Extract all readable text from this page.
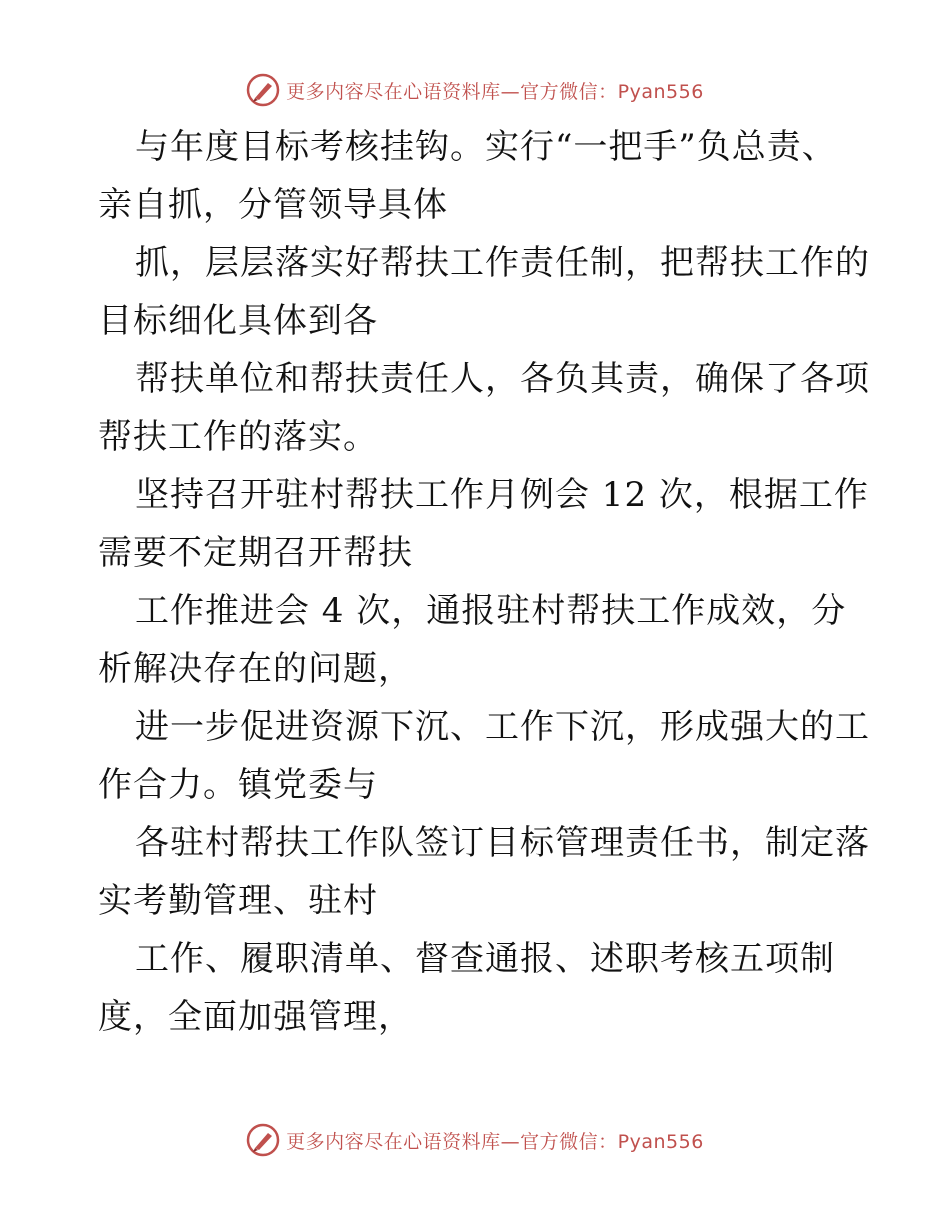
更多内容尽在心语资料库—官方微信：Pyan556
与年度目标考核挂钩。实行“一把手”负总责、
亲自抓，分管领导具体
抓，层层落实好帮扶工作责任制，把帮扶工作的
目标细化具体到各
帮扶单位和帮扶责任人，各负其责，确保了各项
帮扶工作的落实。
坚持召开驻村帮扶工作月例会 12 次，根据工作
需要不定期召开帮扶
工作推进会 4 次，通报驻村帮扶工作成效，分
析解决存在的问题，
进一步促进资源下沉、工作下沉，形成强大的工
作合力。镇党委与
各驻村帮扶工作队签订目标管理责任书，制定落
实考勤管理、驻村
工作、履职清单、督查通报、述职考核五项制
度，全面加强管理，
更多内容尽在心语资料库—官方微信：Pyan556
